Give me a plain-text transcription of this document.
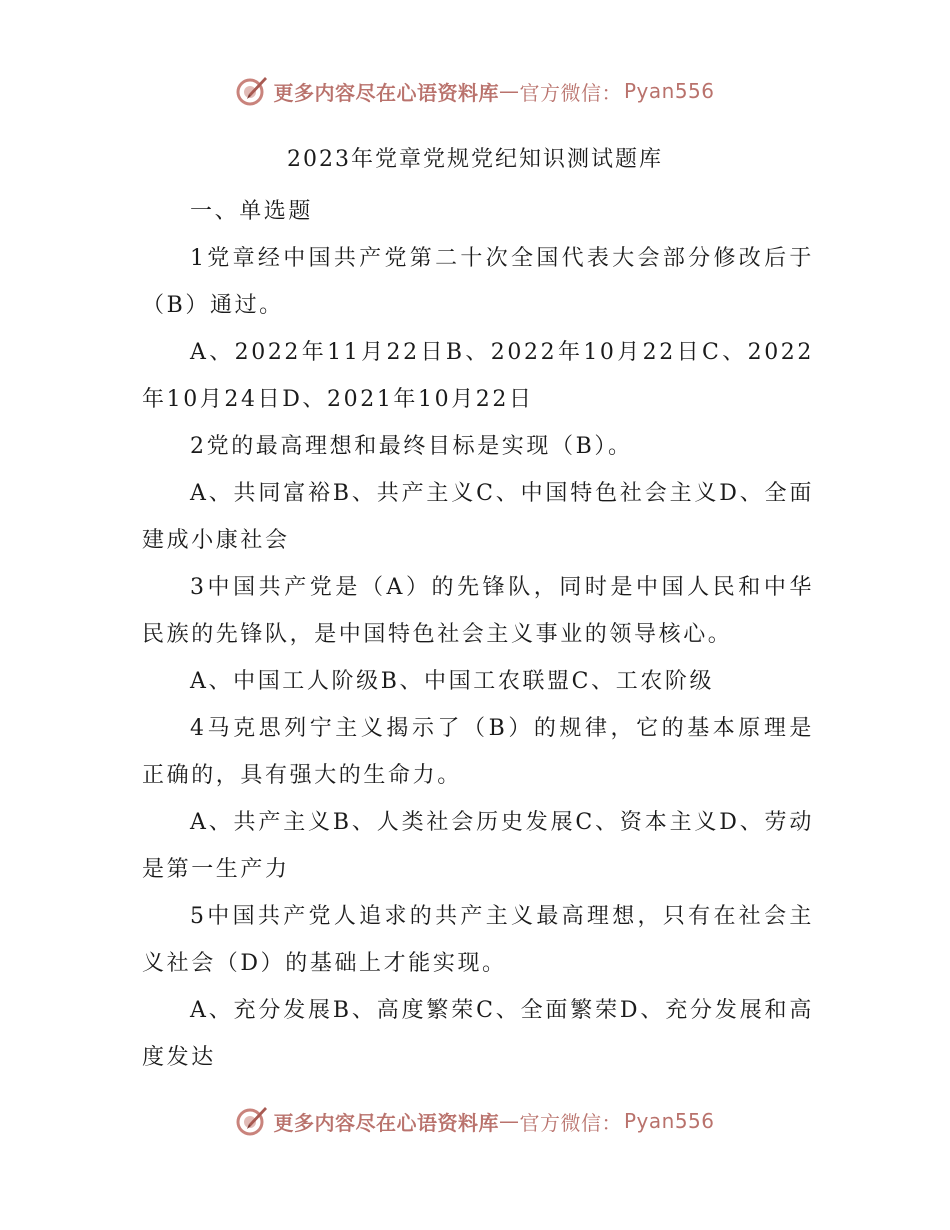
更多内容尽在心语资料库 — 官方微信： Pyan556
2023年党章党规党纪知识测试题库

一、单选题

1党章经中国共产党第二十次全国代表大会部分修改后于（B）通过。

A、2022年11月22日B、2022年10月22日C、2022年10月24日D、2021年10月22日

2党的最高理想和最终目标是实现（B）。

A、共同富裕B、共产主义C、中国特色社会主义D、全面建成小康社会

3中国共产党是（A）的先锋队，同时是中国人民和中华民族的先锋队，是中国特色社会主义事业的领导核心。

A、中国工人阶级B、中国工农联盟C、工农阶级

4马克思列宁主义揭示了（B）的规律，它的基本原理是正确的，具有强大的生命力。

A、共产主义B、人类社会历史发展C、资本主义D、劳动是第一生产力

5中国共产党人追求的共产主义最高理想，只有在社会主义社会（D）的基础上才能实现。

A、充分发展B、高度繁荣C、全面繁荣D、充分发展和高度发达

更多内容尽在心语资料库 — 官方微信： Pyan556
